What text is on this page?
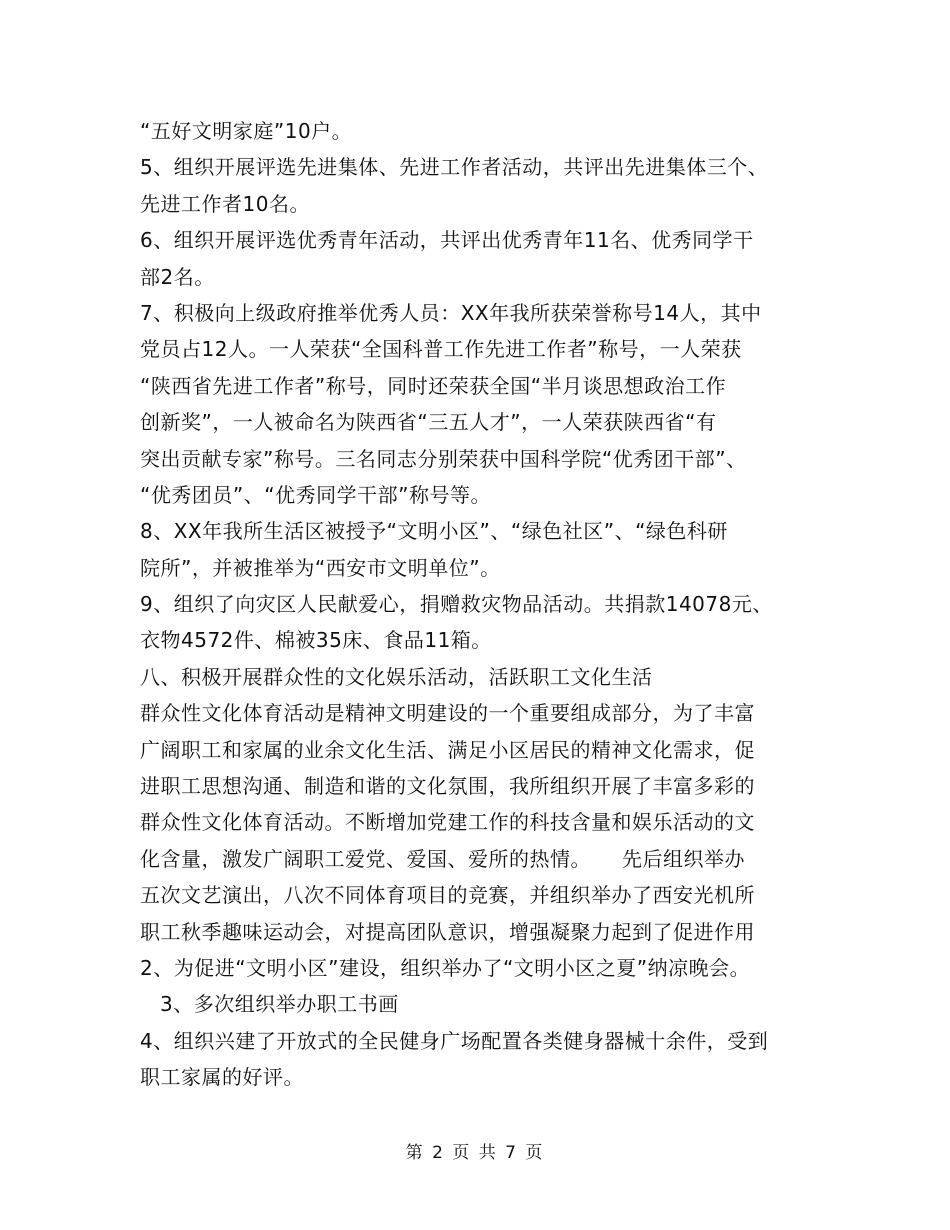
“五好文明家庭”10户。
5、组织开展评选先进集体、先进工作者活动，共评出先进集体三个、
先进工作者10名。
6、组织开展评选优秀青年活动，共评出优秀青年11名、优秀同学干
部2名。
7、积极向上级政府推举优秀人员：XX年我所获荣誉称号14人，其中
党员占12人。一人荣获“全国科普工作先进工作者”称号，一人荣获
“陕西省先进工作者”称号，同时还荣获全国“半月谈思想政治工作
创新奖”，一人被命名为陕西省“三五人才”，一人荣获陕西省“有
突出贡献专家”称号。三名同志分别荣获中国科学院“优秀团干部”、
“优秀团员”、“优秀同学干部”称号等。
8、XX年我所生活区被授予“文明小区”、“绿色社区”、“绿色科研
院所”，并被推举为“西安市文明单位”。
9、组织了向灾区人民献爱心，捐赠救灾物品活动。共捐款14078元、
衣物4572件、棉被35床、食品11箱。
八、积极开展群众性的文化娱乐活动，活跃职工文化生活
群众性文化体育活动是精神文明建设的一个重要组成部分，为了丰富
广阔职工和家属的业余文化生活、满足小区居民的精神文化需求，促
进职工思想沟通、制造和谐的文化氛围，我所组织开展了丰富多彩的
群众性文化体育活动。不断增加党建工作的科技含量和娱乐活动的文
化含量，激发广阔职工爱党、爱国、爱所的热情。　　先后组织举办
五次文艺演出，八次不同体育项目的竞赛，并组织举办了西安光机所
职工秋季趣味运动会，对提高团队意识，增强凝聚力起到了促进作用
2、为促进“文明小区”建设，组织举办了“文明小区之夏”纳凉晚会。
3、多次组织举办职工书画
4、组织兴建了开放式的全民健身广场配置各类健身器械十余件，受到
职工家属的好评。
第 2 页 共 7 页
